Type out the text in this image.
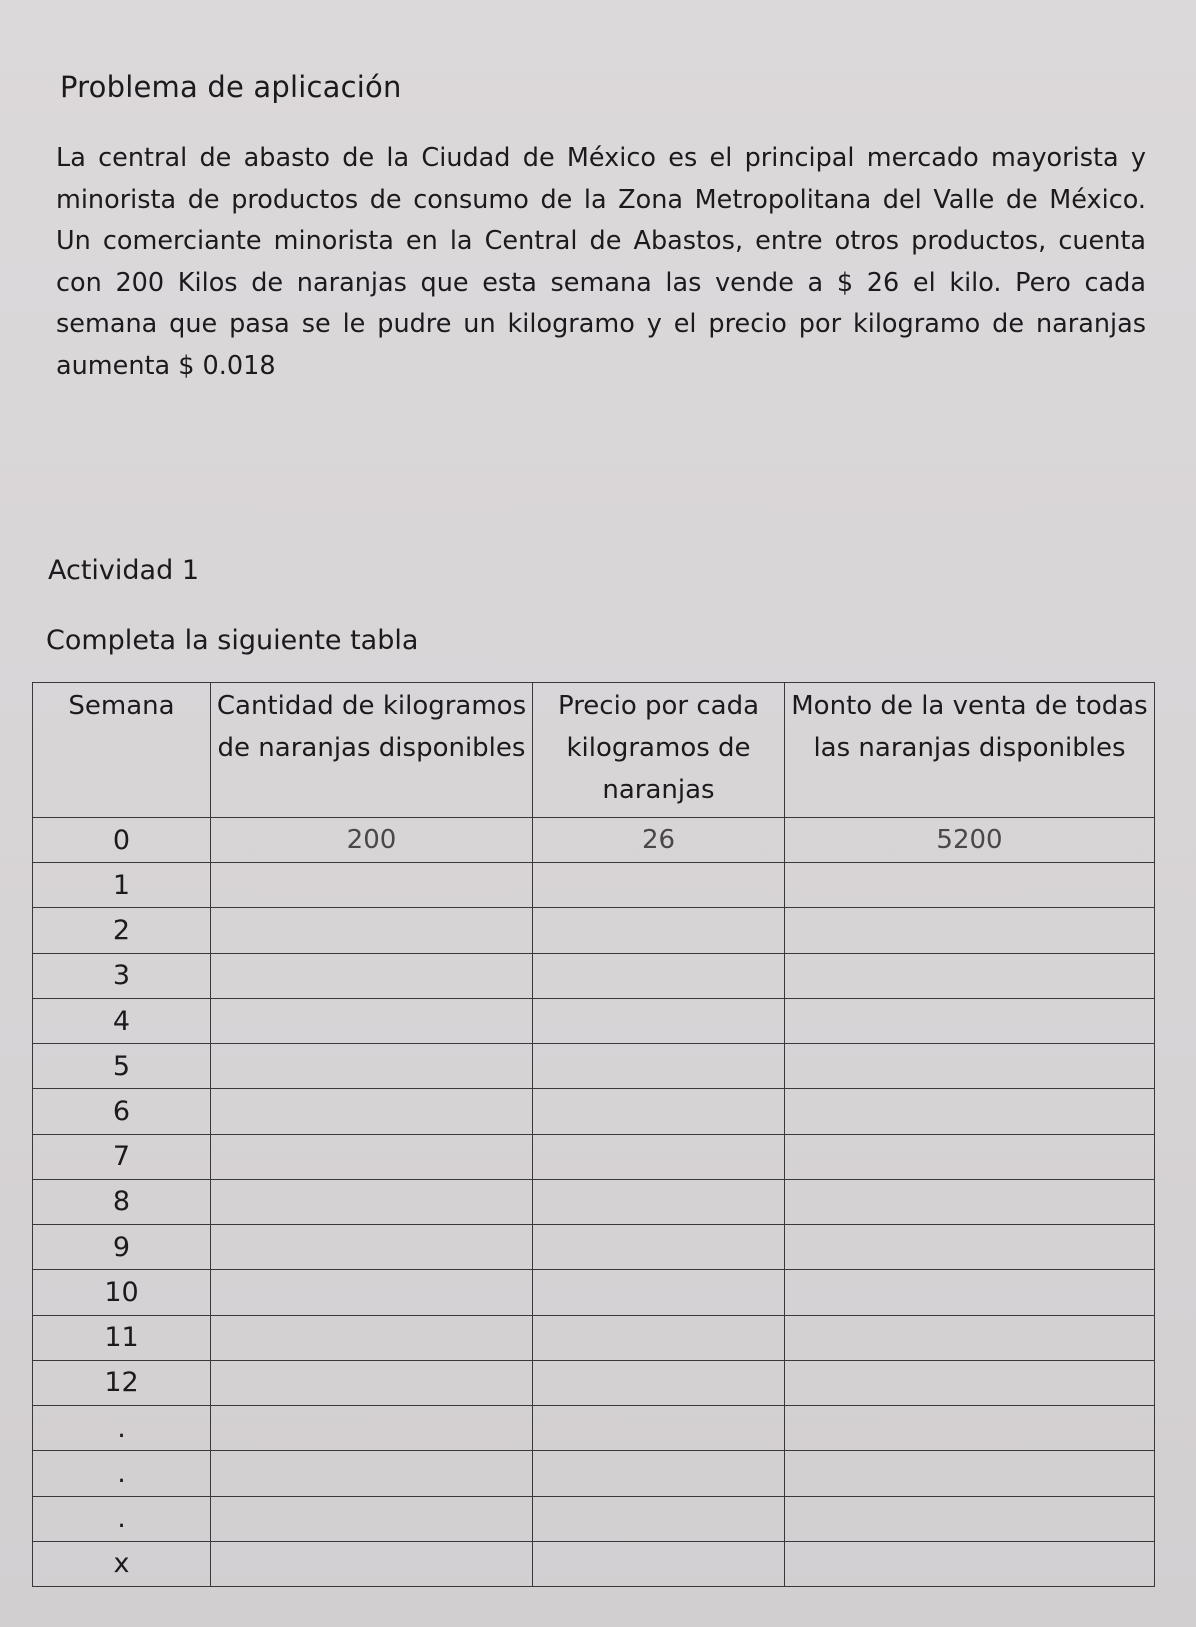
Problema de aplicación
La central de abasto de la Ciudad de México es el principal mercado mayorista y minorista de productos de consumo de la Zona Metropolitana del Valle de México. Un comerciante minorista en la Central de Abastos, entre otros productos, cuenta con 200 Kilos de naranjas que esta semana las vende a $ 26 el kilo. Pero cada semana que pasa se le pudre un kilogramo y el precio por kilogramo de naranjas aumenta $ 0.018
Actividad 1
Completa la siguiente tabla
Semana	Cantidad de kilogramos de naranjas disponibles	Precio por cada kilogramos de naranjas	Monto de la venta de todas las naranjas disponibles
0	200	26	5200
1			
2			
3			
4			
5			
6			
7			
8			
9			
10			
11			
12			
.			
.			
.			
x			
